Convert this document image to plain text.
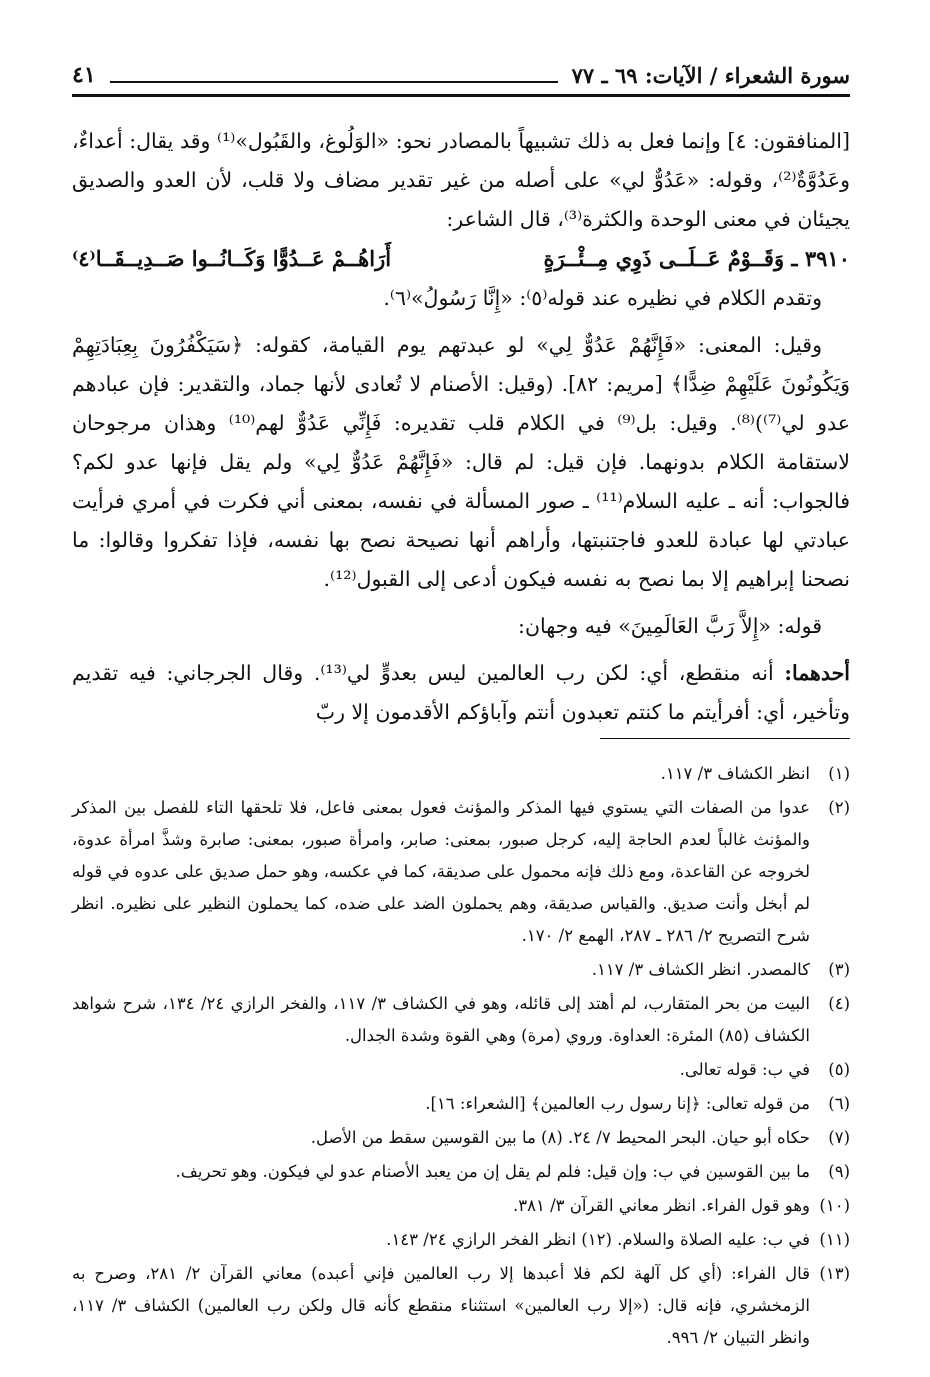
سورة الشعراء / الآيات: ٦٩ ـ ٧٧
٤١

[المنافقون: ٤] وإنما فعل به ذلك تشبيهاً بالمصادر نحو: «الوَلُوغ، والقَبُول»⁽¹⁾ وقد يقال: أعداءٌ، وعَدُوَّةٌ⁽²⁾، وقوله: «عَدُوٌّ لي» على أصله من غير تقدير مضاف ولا قلب، لأن العدو والصديق يجيئان في معنى الوحدة والكثرة⁽³⁾، قال الشاعر:

٣٩١٠ ـ وَقَــوْمٌ عَــلَــى ذَوِي مِــئْــرَةٍ
أَرَاهُــمْ عَــدُوًّا وَكَــانُــوا صَــدِيــقَــا⁽٤⁾

وتقدم الكلام في نظيره عند قوله⁽٥⁾: «إِنَّا رَسُولُ»⁽٦⁾.

وقيل: المعنى: «فَإِنَّهُمْ عَدُوٌّ لِي» لو عبدتهم يوم القيامة، كقوله: ﴿سَيَكْفُرُونَ بِعِبَادَتِهِمْ وَيَكُونُونَ عَلَيْهِمْ ضِدًّا﴾ [مريم: ٨٢]. (وقيل: الأصنام لا تُعادى لأنها جماد، والتقدير: فإن عبادهم عدو لي⁽⁷⁾)⁽⁸⁾. وقيل: بل⁽⁹⁾ في الكلام قلب تقديره: فَإِنِّي عَدُوٌّ لهم⁽¹⁰⁾ وهذان مرجوحان لاستقامة الكلام بدونهما. فإن قيل: لم قال: «فَإِنَّهُمْ عَدُوٌّ لِي» ولم يقل فإنها عدو لكم؟ فالجواب: أنه ـ عليه السلام⁽¹¹⁾ ـ صور المسألة في نفسه، بمعنى أني فكرت في أمري فرأيت عبادتي لها عبادة للعدو فاجتنبتها، وأراهم أنها نصيحة نصح بها نفسه، فإذا تفكروا وقالوا: ما نصحنا إبراهيم إلا بما نصح به نفسه فيكون أدعى إلى القبول⁽¹²⁾.

قوله: «إِلاَّ رَبَّ العَالَمِينَ» فيه وجهان:

أحدهما: أنه منقطع، أي: لكن رب العالمين ليس بعدوٍّ لي⁽¹³⁾. وقال الجرجاني: فيه تقديم وتأخير، أي: أفرأيتم ما كنتم تعبدون أنتم وآباؤكم الأقدمون إلا ربّ

(١)
انظر الكشاف ٣/ ١١٧.
(٢)
عدوا من الصفات التي يستوي فيها المذكر والمؤنث فعول بمعنى فاعل، فلا تلحقها التاء للفصل بين المذكر والمؤنث غالباً لعدم الحاجة إليه، كرجل صبور، بمعنى: صابر، وامرأة صبور، بمعنى: صابرة وشذَّ امرأة عدوة، لخروجه عن القاعدة، ومع ذلك فإنه محمول على صديقة، كما في عكسه، وهو حمل صديق على عدوه في قوله لم أبخل وأنت صديق. والقياس صديقة، وهم يحملون الضد على ضده، كما يحملون النظير على نظيره. انظر شرح التصريح ٢/ ٢٨٦ ـ ٢٨٧، الهمع ٢/ ١٧٠.
(٣)
كالمصدر. انظر الكشاف ٣/ ١١٧.
(٤)
البيت من بحر المتقارب، لم أهتد إلى قائله، وهو في الكشاف ٣/ ١١٧، والفخر الرازي ٢٤/ ١٣٤، شرح شواهد الكشاف (٨٥) المئرة: العداوة. وروي (مرة) وهي القوة وشدة الجدال.
(٥)
في ب: قوله تعالى.
(٦)
من قوله تعالى: ﴿إنا رسول رب العالمين﴾ [الشعراء: ١٦].
(٧)
حكاه أبو حيان. البحر المحيط ٧/ ٢٤. (٨) ما بين القوسين سقط من الأصل.
(٩)
ما بين القوسين في ب: وإن قيل: فلم لم يقل إن من يعبد الأصنام عدو لي فيكون. وهو تحريف.
(١٠)
وهو قول الفراء. انظر معاني القرآن ٣/ ٣٨١.
(١١)
في ب: عليه الصلاة والسلام. (١٢) انظر الفخر الرازي ٢٤/ ١٤٣.
(١٣)
قال الفراء: (أي كل آلهة لكم فلا أعبدها إلا رب العالمين فإني أعبده) معاني القرآن ٢/ ٢٨١، وصرح به الزمخشري، فإنه قال: («إلا رب العالمين» استثناء منقطع كأنه قال ولكن رب العالمين) الكشاف ٣/ ١١٧، وانظر التبيان ٢/ ٩٩٦.
